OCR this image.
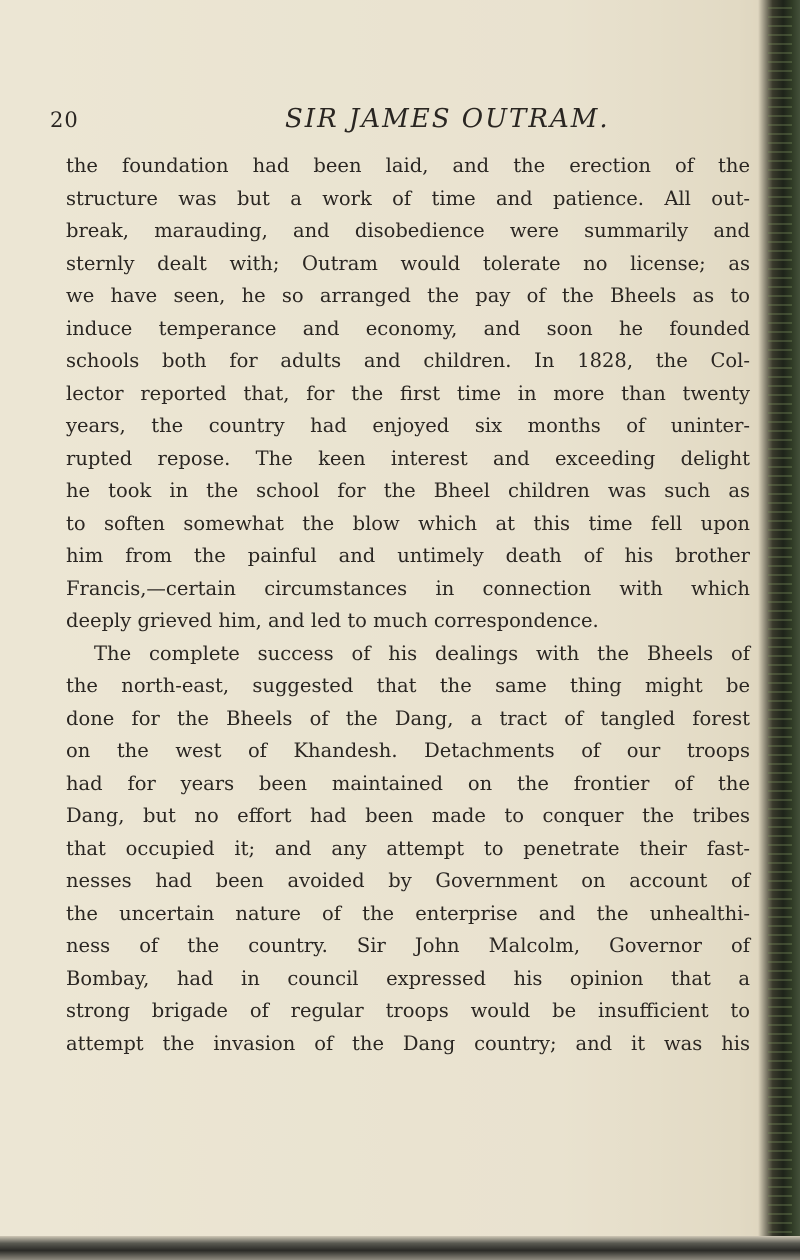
20	SIR JAMES OUTRAM.
the foundation had been laid, and the erection of the
structure was but a work of time and patience. All out-
break, marauding, and disobedience were summarily and
sternly dealt with; Outram would tolerate no license; as
we have seen, he so arranged the pay of the Bheels as to
induce temperance and economy, and soon he founded
schools both for adults and children. In 1828, the Col-
lector reported that, for the first time in more than twenty
years, the country had enjoyed six months of uninter-
rupted repose. The keen interest and exceeding delight
he took in the school for the Bheel children was such as
to soften somewhat the blow which at this time fell upon
him from the painful and untimely death of his brother
Francis,—certain circumstances in connection with which
deeply grieved him, and led to much correspondence.
The complete success of his dealings with the Bheels of
the north-east, suggested that the same thing might be
done for the Bheels of the Dang, a tract of tangled forest
on the west of Khandesh. Detachments of our troops
had for years been maintained on the frontier of the
Dang, but no effort had been made to conquer the tribes
that occupied it; and any attempt to penetrate their fast-
nesses had been avoided by Government on account of
the uncertain nature of the enterprise and the unhealthi-
ness of the country. Sir John Malcolm, Governor of
Bombay, had in council expressed his opinion that a
strong brigade of regular troops would be insufficient to
attempt the invasion of the Dang country; and it was his
